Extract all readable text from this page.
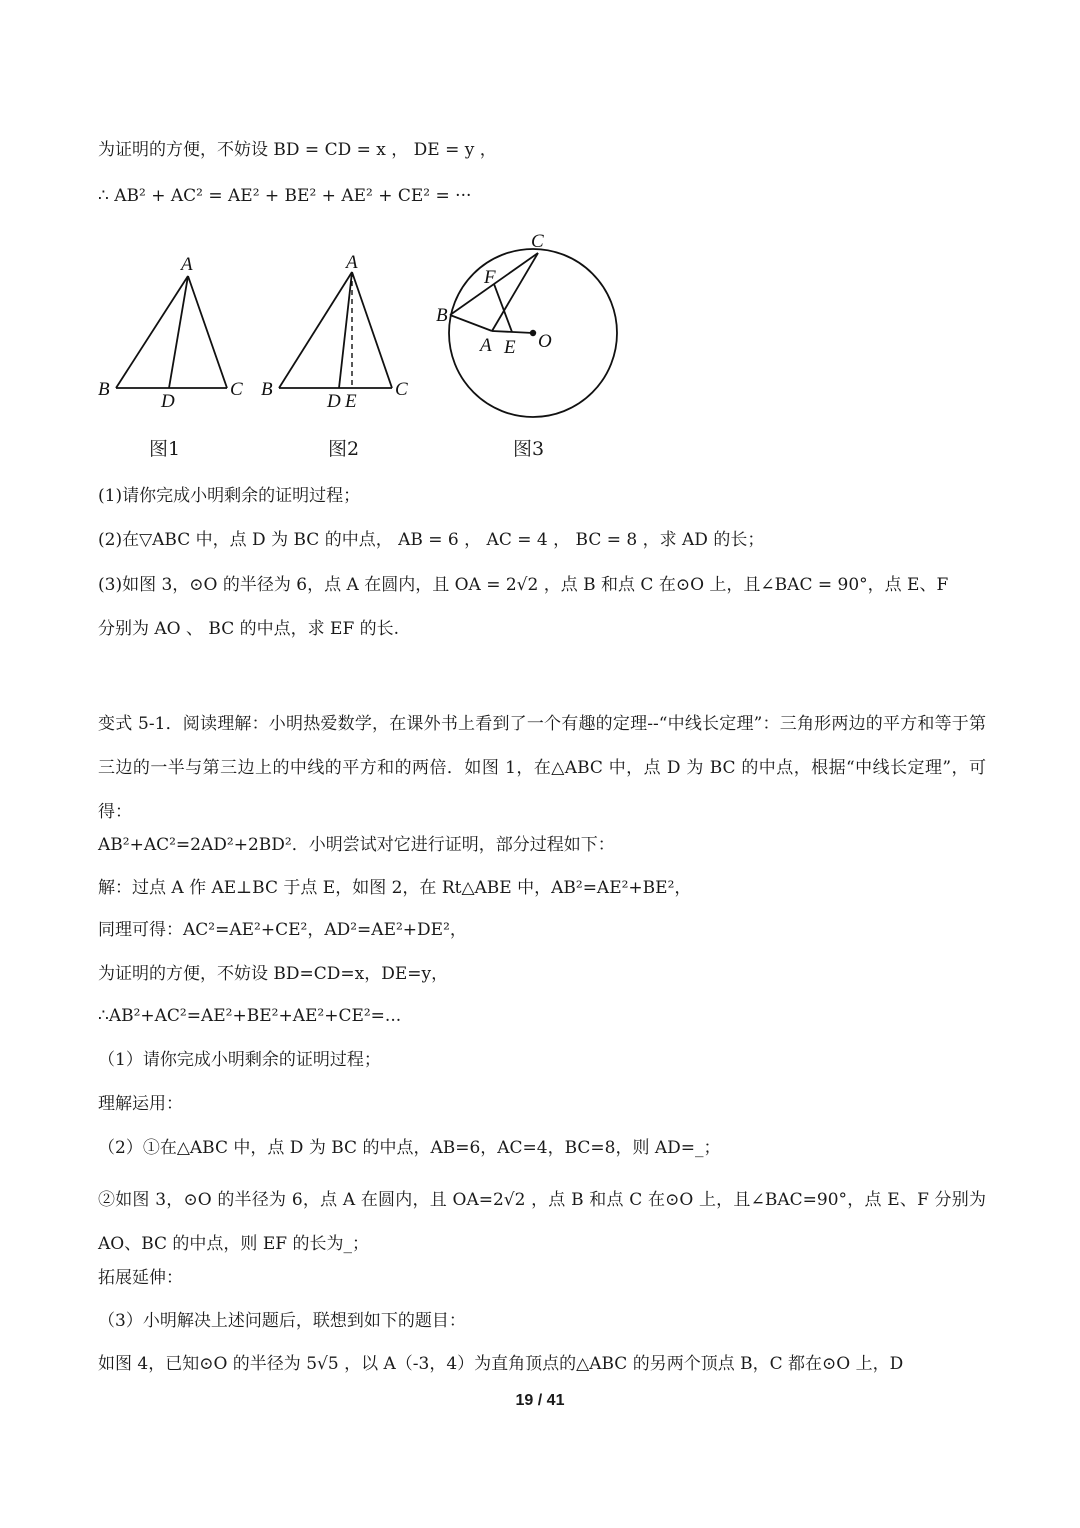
为证明的方便，不妨设 BD = CD = x ， DE = y ，
∴ AB² + AC² = AE² + BE² + AE² + CE² = ···
A
B	C
D
图1
A
B	C
D E
图2
C
F
B
A E O
图3
(1)请你完成小明剩余的证明过程；
(2)在▽ABC 中，点 D 为 BC 的中点， AB = 6 ， AC = 4 ， BC = 8 ，求 AD 的长；
(3)如图 3，⊙O 的半径为 6，点 A 在圆内，且 OA = 2√2 ，点 B 和点 C 在⊙O 上，且∠BAC = 90°，点 E、F
分别为 AO 、 BC 的中点，求 EF 的长.
变式 5-1．阅读理解：小明热爱数学，在课外书上看到了一个有趣的定理--“中线长定理”：三角形两边的平方和等于第三边的一半与第三边上的中线的平方和的两倍．如图 1，在△ABC 中，点 D 为 BC 的中点，根据“中线长定理”，可得：
AB²+AC²=2AD²+2BD²．小明尝试对它进行证明，部分过程如下：
解：过点 A 作 AE⊥BC 于点 E，如图 2，在 Rt△ABE 中，AB²=AE²+BE²，
同理可得：AC²=AE²+CE²，AD²=AE²+DE²，
为证明的方便，不妨设 BD=CD=x，DE=y，
∴AB²+AC²=AE²+BE²+AE²+CE²=...
（1）请你完成小明剩余的证明过程；
理解运用：
（2）①在△ABC 中，点 D 为 BC 的中点，AB=6，AC=4，BC=8，则 AD=_；
②如图 3，⊙O 的半径为 6，点 A 在圆内，且 OA=2√2 ，点 B 和点 C 在⊙O 上，且∠BAC=90°，点 E、F 分别为 AO、BC 的中点，则 EF 的长为_；
拓展延伸：
（3）小明解决上述问题后，联想到如下的题目：
如图 4，已知⊙O 的半径为 5√5 ，以 A（-3，4）为直角顶点的△ABC 的另两个顶点 B，C 都在⊙O 上，D
19 / 41
